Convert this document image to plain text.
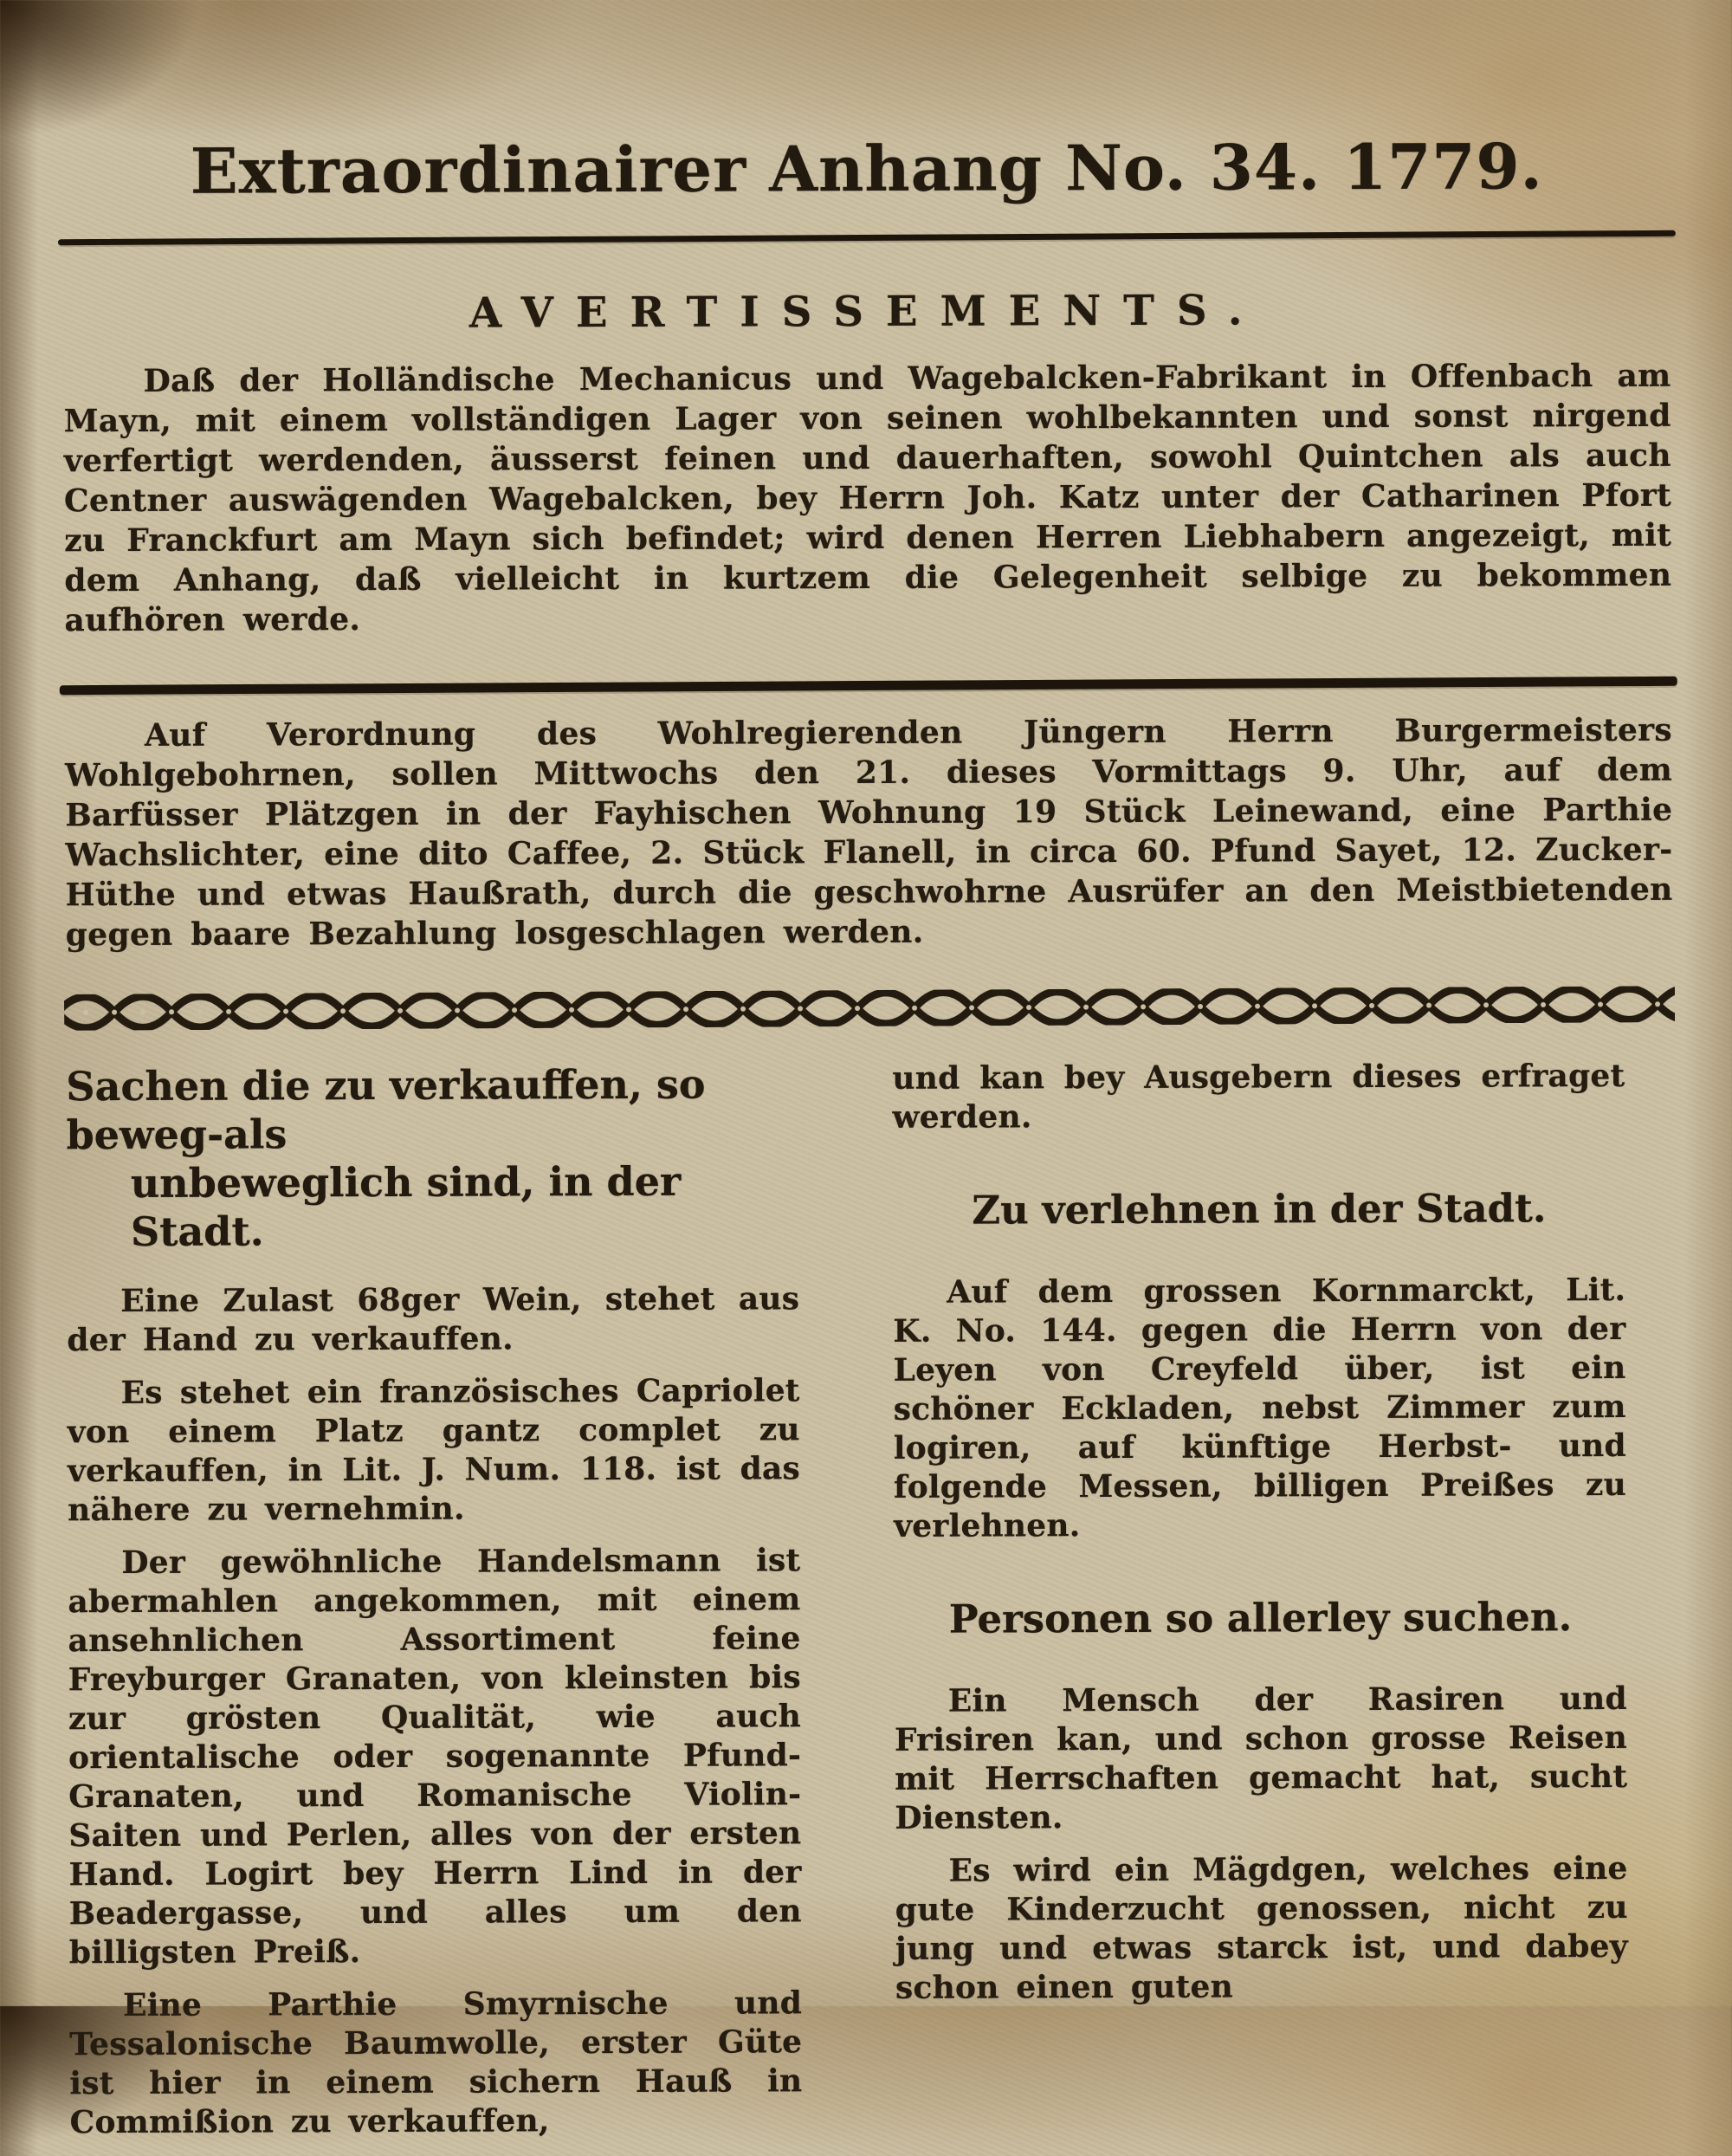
Extraordinairer Anhang No. 34. 1779.
AVERTISSEMENTS.
Daß der Holländische Mechanicus und Wagebalcken-Fabrikant in Offenbach am Mayn, mit einem vollständigen Lager von seinen wohlbekannten und sonst nirgend verfertigt werdenden, äusserst feinen und dauerhaften, sowohl Quintchen als auch Centner auswägenden Wagebalcken, bey Herrn Joh. Katz unter der Catharinen Pfort zu Franckfurt am Mayn sich befindet; wird denen Herren Liebhabern angezeigt, mit dem Anhang, daß vielleicht in kurtzem die Gelegenheit selbige zu bekommen aufhören werde.
Auf Verordnung des Wohlregierenden Jüngern Herrn Burgermeisters Wohlgebohrnen, sollen Mittwochs den 21. dieses Vormittags 9. Uhr, auf dem Barfüsser Plätzgen in der Fayhischen Wohnung 19 Stück Leinewand, eine Parthie Wachslichter, eine dito Caffee, 2. Stück Flanell, in circa 60. Pfund Sayet, 12. Zucker-Hüthe und etwas Haußrath, durch die geschwohrne Ausrüfer an den Meistbietenden gegen baare Bezahlung losgeschlagen werden.
Sachen die zu verkauffen, so beweg-als
unbeweglich sind, in der Stadt.
Eine Zulast 68ger Wein, stehet aus der Hand zu verkauffen.
Es stehet ein französisches Capriolet von einem Platz gantz complet zu verkauffen, in Lit. J. Num. 118. ist das nähere zu vernehmin.
Der gewöhnliche Handelsmann ist abermahlen angekommen, mit einem ansehnlichen Assortiment feine Freyburger Granaten, von kleinsten bis zur grösten Qualität, wie auch orientalische oder sogenannte Pfund-Granaten, und Romanische Violin-Saiten und Perlen, alles von der ersten Hand. Logirt bey Herrn Lind in der Beadergasse, und alles um den billigsten Preiß.
Eine Parthie Smyrnische und Tessalonische Baumwolle, erster Güte ist hier in einem sichern Hauß in Commißion zu verkauffen,
und kan bey Ausgebern dieses erfraget werden.
Zu verlehnen in der Stadt.
Auf dem grossen Kornmarckt, Lit. K. No. 144. gegen die Herrn von der Leyen von Creyfeld über, ist ein schöner Eckladen, nebst Zimmer zum logiren, auf künftige Herbst- und folgende Messen, billigen Preißes zu verlehnen.
Personen so allerley suchen.
Ein Mensch der Rasiren und Frisiren kan, und schon grosse Reisen mit Herrschaften gemacht hat, sucht Diensten.
Es wird ein Mägdgen, welches eine gute Kinderzucht genossen, nicht zu jung und etwas starck ist, und dabey schon einen guten
